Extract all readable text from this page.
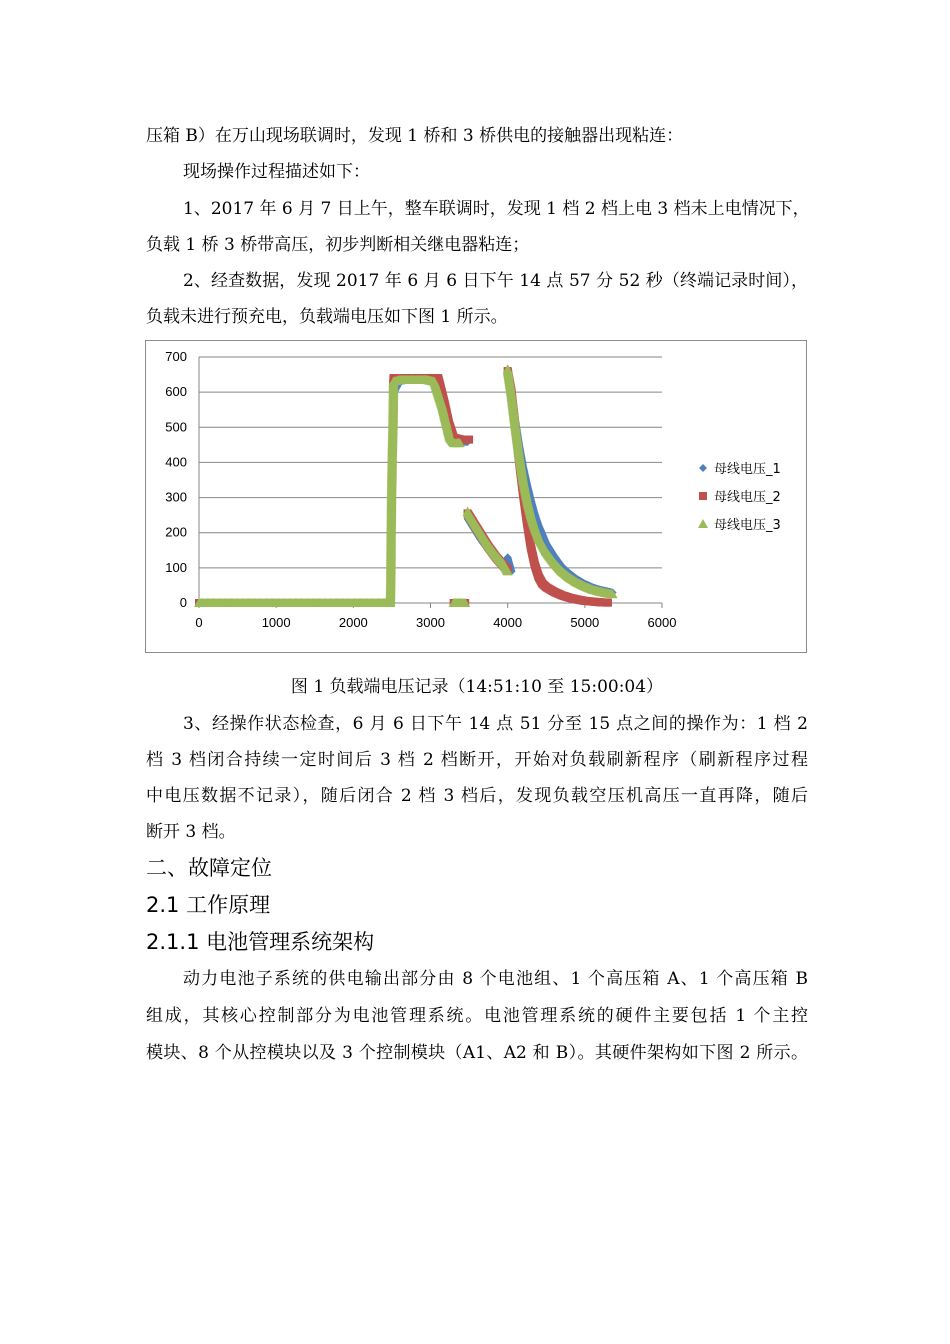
压箱 B）在万山现场联调时，发现 1 桥和 3 桥供电的接触器出现粘连：
现场操作过程描述如下：
1、2017 年 6 月 7 日上午，整车联调时，发现 1 档 2 档上电 3 档未上电情况下，
负载 1 桥 3 桥带高压，初步判断相关继电器粘连；
2、经查数据，发现 2017 年 6 月 6 日下午 14 点 57 分 52 秒（终端记录时间），
负载未进行预充电，负载端电压如下图 1 所示。
0
100
200
300
400
500
600
700
0	1000	2000	3000	4000	5000	6000
母线电压_1
母线电压_2
母线电压_3
图 1 负载端电压记录（14:51:10 至 15:00:04）
3、经操作状态检查，6 月 6 日下午 14 点 51 分至 15 点之间的操作为：1 档 2
档 3 档闭合持续一定时间后 3 档 2 档断开，开始对负载刷新程序（刷新程序过程
中电压数据不记录），随后闭合 2 档 3 档后，发现负载空压机高压一直再降，随后
断开 3 档。
二、故障定位
2.1 工作原理
2.1.1 电池管理系统架构
动力电池子系统的供电输出部分由 8 个电池组、1 个高压箱 A、1 个高压箱 B
组成，其核心控制部分为电池管理系统。电池管理系统的硬件主要包括 1 个主控
模块、8 个从控模块以及 3 个控制模块（A1、A2 和 B）。其硬件架构如下图 2 所示。
